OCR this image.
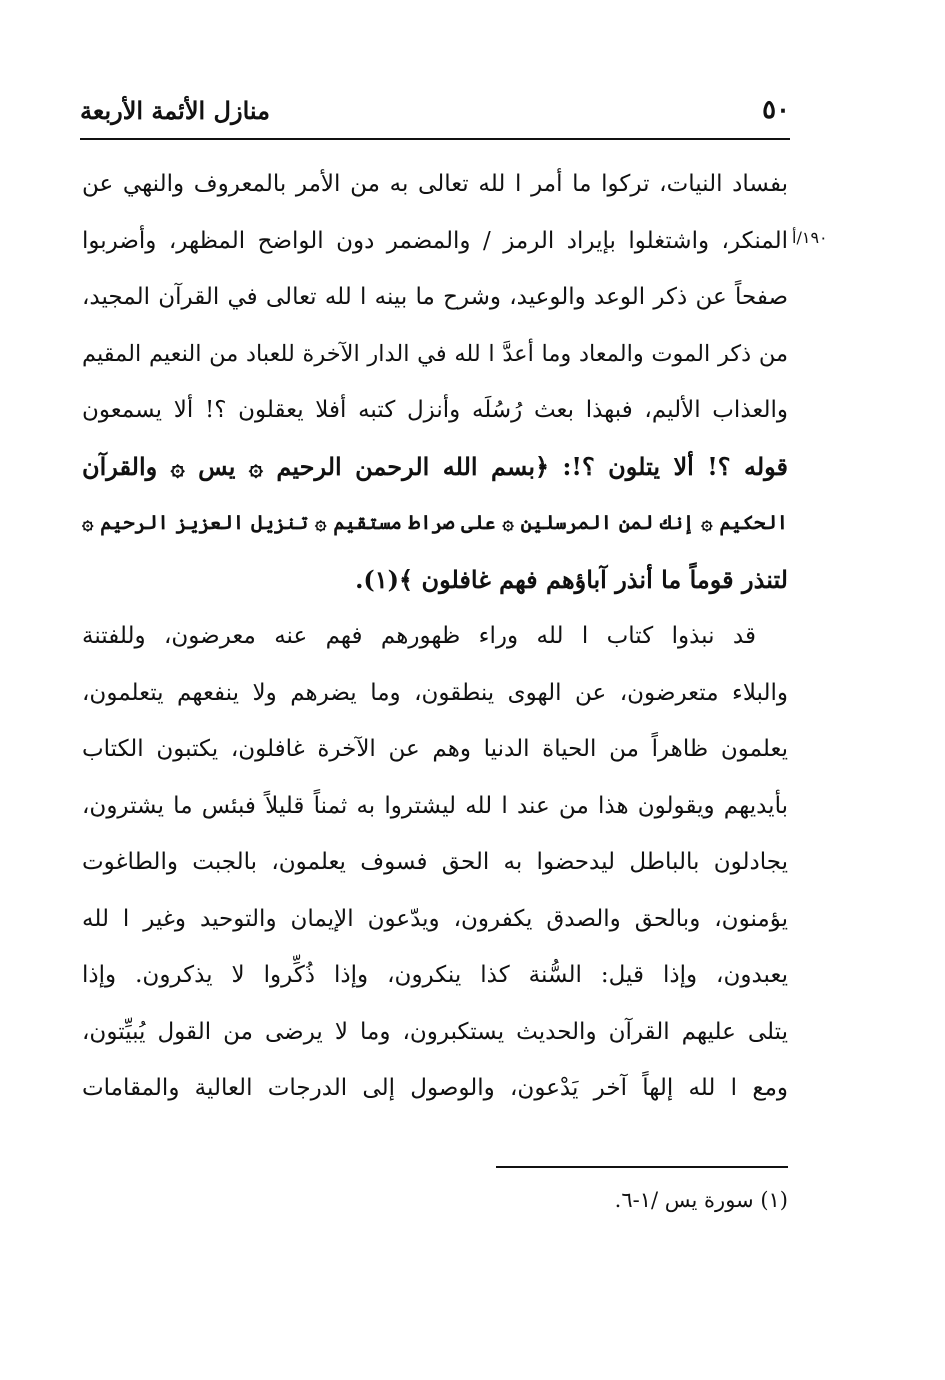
٥٠
منازل الأئمة الأربعة
١٩٠/أ
بفساد النيات، تركوا ما أمر ا لله تعالى به من الأمر بالمعروف والنهي عن
المنكر، واشتغلوا بإيراد الرمز / والمضمر دون الواضح المظهر، وأضربوا
صفحاً عن ذكر الوعد والوعيد، وشرح ما بينه ا لله تعالى في القرآن المجيد،
من ذكر الموت والمعاد وما أعدَّ ا لله في الدار الآخرة للعباد من النعيم المقيم
والعذاب الأليم، فبهذا بعث رُسُلَه وأنزل كتبه أفلا يعقلون ؟! ألا يسمعون
قوله ؟! ألا يتلون ؟!: ﴿بسم الله الرحمن الرحيم ۞ يس ۞ والقرآن
الحكيم ۞ إنك لمن المرسلين ۞ على صراط مستقيم ۞ تنزيل العزيز الرحيم ۞
لتنذر قوماً ما أنذر آباؤهم فهم غافلون ﴾(١).
قد نبذوا كتاب ا لله وراء ظهورهم فهم عنه معرضون، وللفتنة
والبلاء متعرضون، عن الهوى ينطقون، وما يضرهم ولا ينفعهم يتعلمون،
يعلمون ظاهراً من الحياة الدنيا وهم عن الآخرة غافلون، يكتبون الكتاب
بأيديهم ويقولون هذا من عند ا لله ليشتروا به ثمناً قليلاً فبئس ما يشترون،
يجادلون بالباطل ليدحضوا به الحق فسوف يعلمون، بالجبت والطاغوت
يؤمنون، وبالحق والصدق يكفرون، ويدّعون الإيمان والتوحيد وغير ا لله
يعبدون، وإذا قيل: السُّنة كذا ينكرون، وإذا ذُكِّروا لا يذكرون. وإذا
يتلى عليهم القرآن والحديث يستكبرون، وما لا يرضى من القول يُبيِّتون،
ومع ا لله إلهاً آخر يَدْعون، والوصول إلى الدرجات العالية والمقامات
(١) سورة يس /١-٦.
